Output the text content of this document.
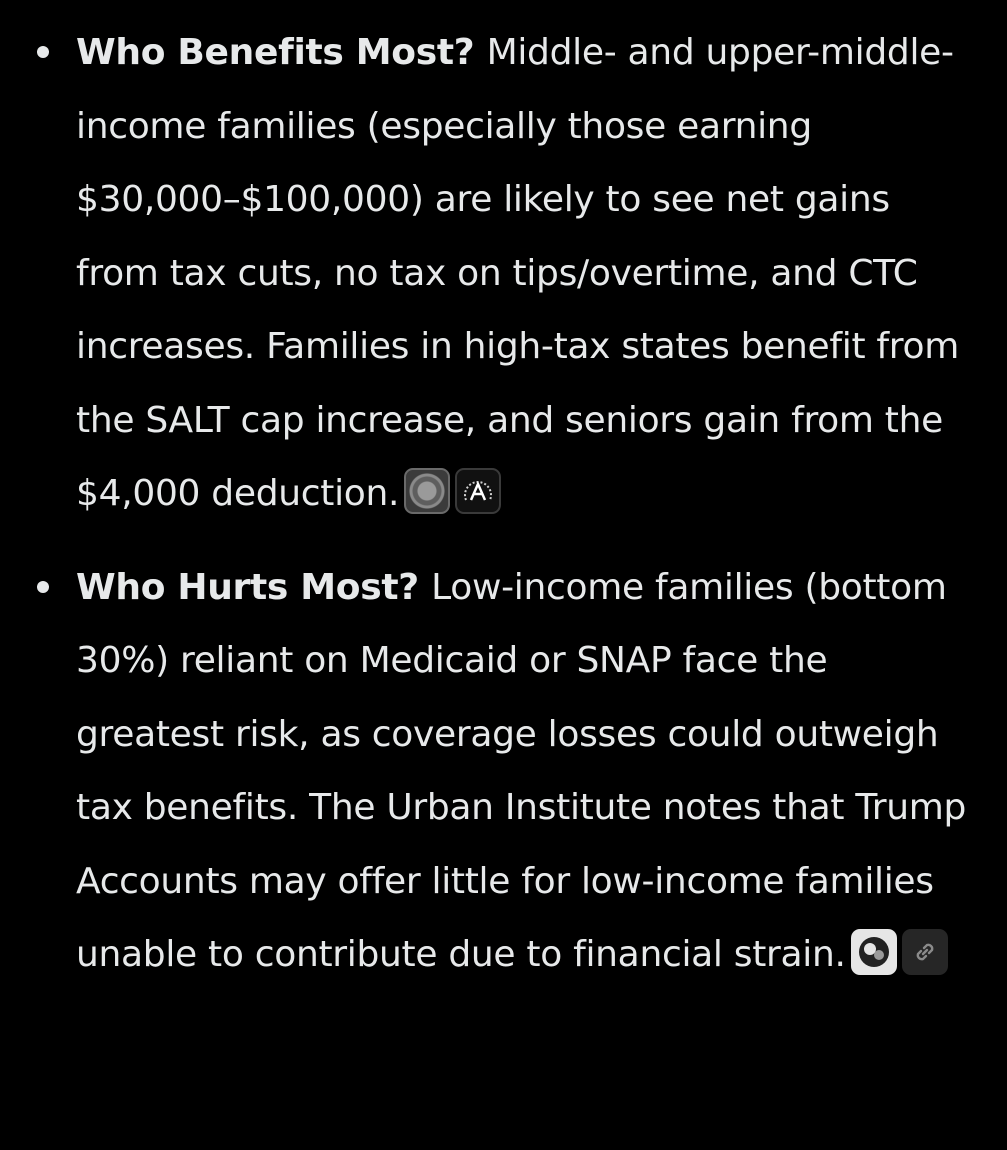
Who Benefits Most? Middle- and upper-middle-income families (especially those earning $30,000–$100,000) are likely to see net gains from tax cuts, no tax on tips/overtime, and CTC increases. Families in high-tax states benefit from the SALT cap increase, and seniors gain from the $4,000 deduction.
Who Hurts Most? Low-income families (bottom 30%) reliant on Medicaid or SNAP face the greatest risk, as coverage losses could outweigh tax benefits. The Urban Institute notes that Trump Accounts may offer little for low-income families unable to contribute due to financial strain.
